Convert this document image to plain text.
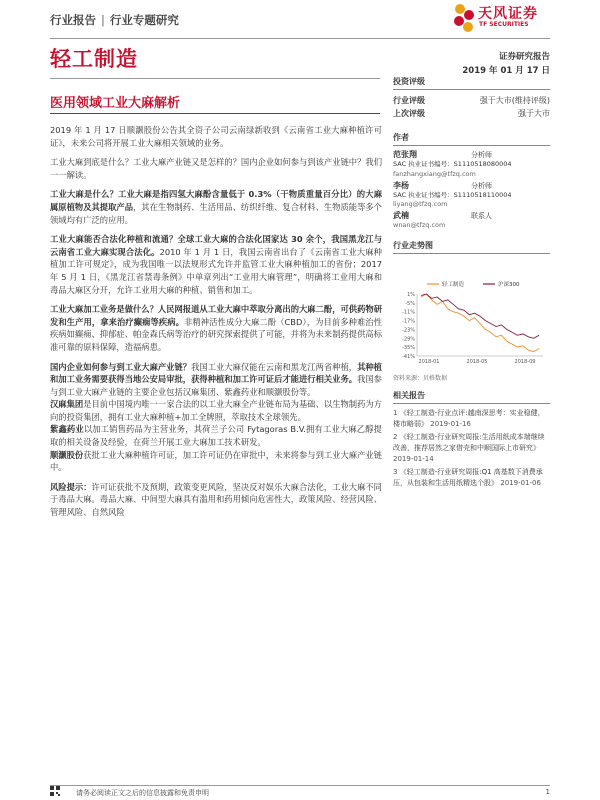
行业报告 | 行业专题研究	天风证券
TF SECURITIES
轻工制造	证券研究报告
2019 年 01 月 17 日
医用领域工业大麻解析

2019 年 1 月 17 日顺灏股份公告其全资子公司云南绿新收到《云南省工业大麻种植许可证》，未来公司将开展工业大麻相关领域的业务。

工业大麻到底是什么？工业大麻产业链又是怎样的？国内企业如何参与到该产业链中？我们一一解读。

工业大麻是什么？工业大麻是指四氢大麻酚含量低于 0.3%（干物质重量百分比）的大麻属原植物及其提取产品，其在生物制药、生活用品、纺织纤维、复合材料、生物质能等多个领域均有广泛的应用。

工业大麻能否合法化种植和流通？全球工业大麻的合法化国家达 30 余个，我国黑龙江与云南省工业大麻实现合法化。2010 年 1 月 1 日，我国云南省出台了《云南省工业大麻种植加工许可规定》，成为我国唯一以法规形式允许并监管工业大麻种植加工的省份；2017 年 5 月 1 日，《黑龙江省禁毒条例》中单章列出“工业用大麻管理”，明确将工业用大麻和毒品大麻区分开，允许工业用大麻的种植、销售和加工。

工业大麻加工业务是做什么？人民网报道从工业大麻中萃取分离出的大麻二酚，可供药物研发和生产用，拿来治疗癫痫等疾病。非精神活性成分大麻二酚（CBD），为目前多种难治性疾病如癫痫、抑郁症、帕金森氏病等治疗的研究探索提供了可能，并将为未来制药提供高标准可靠的原料保障，造福病患。

国内企业如何参与到工业大麻产业链？我国工业大麻仅能在云南和黑龙江两省种植，其种植和加工业务需要获得当地公安局审批，获得种植和加工许可证后才能进行相关业务。我国参与到工业大麻产业链的主要企业包括汉麻集团、紫鑫药业和顺灏股份等。

汉麻集团是目前中国境内唯一一家合法的以工业大麻全产业链布局为基础、以生物制药为方向的投资集团，拥有工业大麻种植+加工全牌照，萃取技术全球领先。

紫鑫药业以加工销售药品为主营业务，其荷兰子公司 Fytagoras B.V.拥有工业大麻乙醇提取的相关设备及经验，在荷兰开展工业大麻加工技术研发。

顺灏股份获批工业大麻种植许可证，加工许可证仍在审批中，未来将参与到工业大麻产业链中。

风险提示：许可证获批不及预期，政策变更风险，坚决反对娱乐大麻合法化，工业大麻不同于毒品大麻。毒品大麻、中间型大麻具有滥用和药用倾向危害性大，政策风险、经营风险、管理风险、自然风险

投资评级
行业评级	强于大市(维持评级)
上次评级	强于大市
作者
范张翔	分析师
SAC 执业证书编号：S1110518080004
fanzhangxiang@tfzq.com
李杨	分析师
SAC 执业证书编号：S1110518110004
liyang@tfzq.com
武楠	联系人
wnan@tfzq.com
行业走势图
1%
-5%
-11%
-17%
-23%
-29%
-35%
-41%
2018-01	2018-05	2018-09
轻工制造	沪深300
资料来源：贝格数据
相关报告
1 《轻工制造-行业点评:越南深思考：实业稳健，楼市略弱》 2019-01-16
2 《轻工制造-行业研究周报:生活用纸成本端继续改善，推荐居然之家借壳和中顺国际上市研究》 2019-01-14
3 《轻工制造-行业研究周报:Q1 高基数下消费承压，从包装和生活用纸精选个股》 2019-01-06
请务必阅读正文之后的信息披露和免责申明	1
